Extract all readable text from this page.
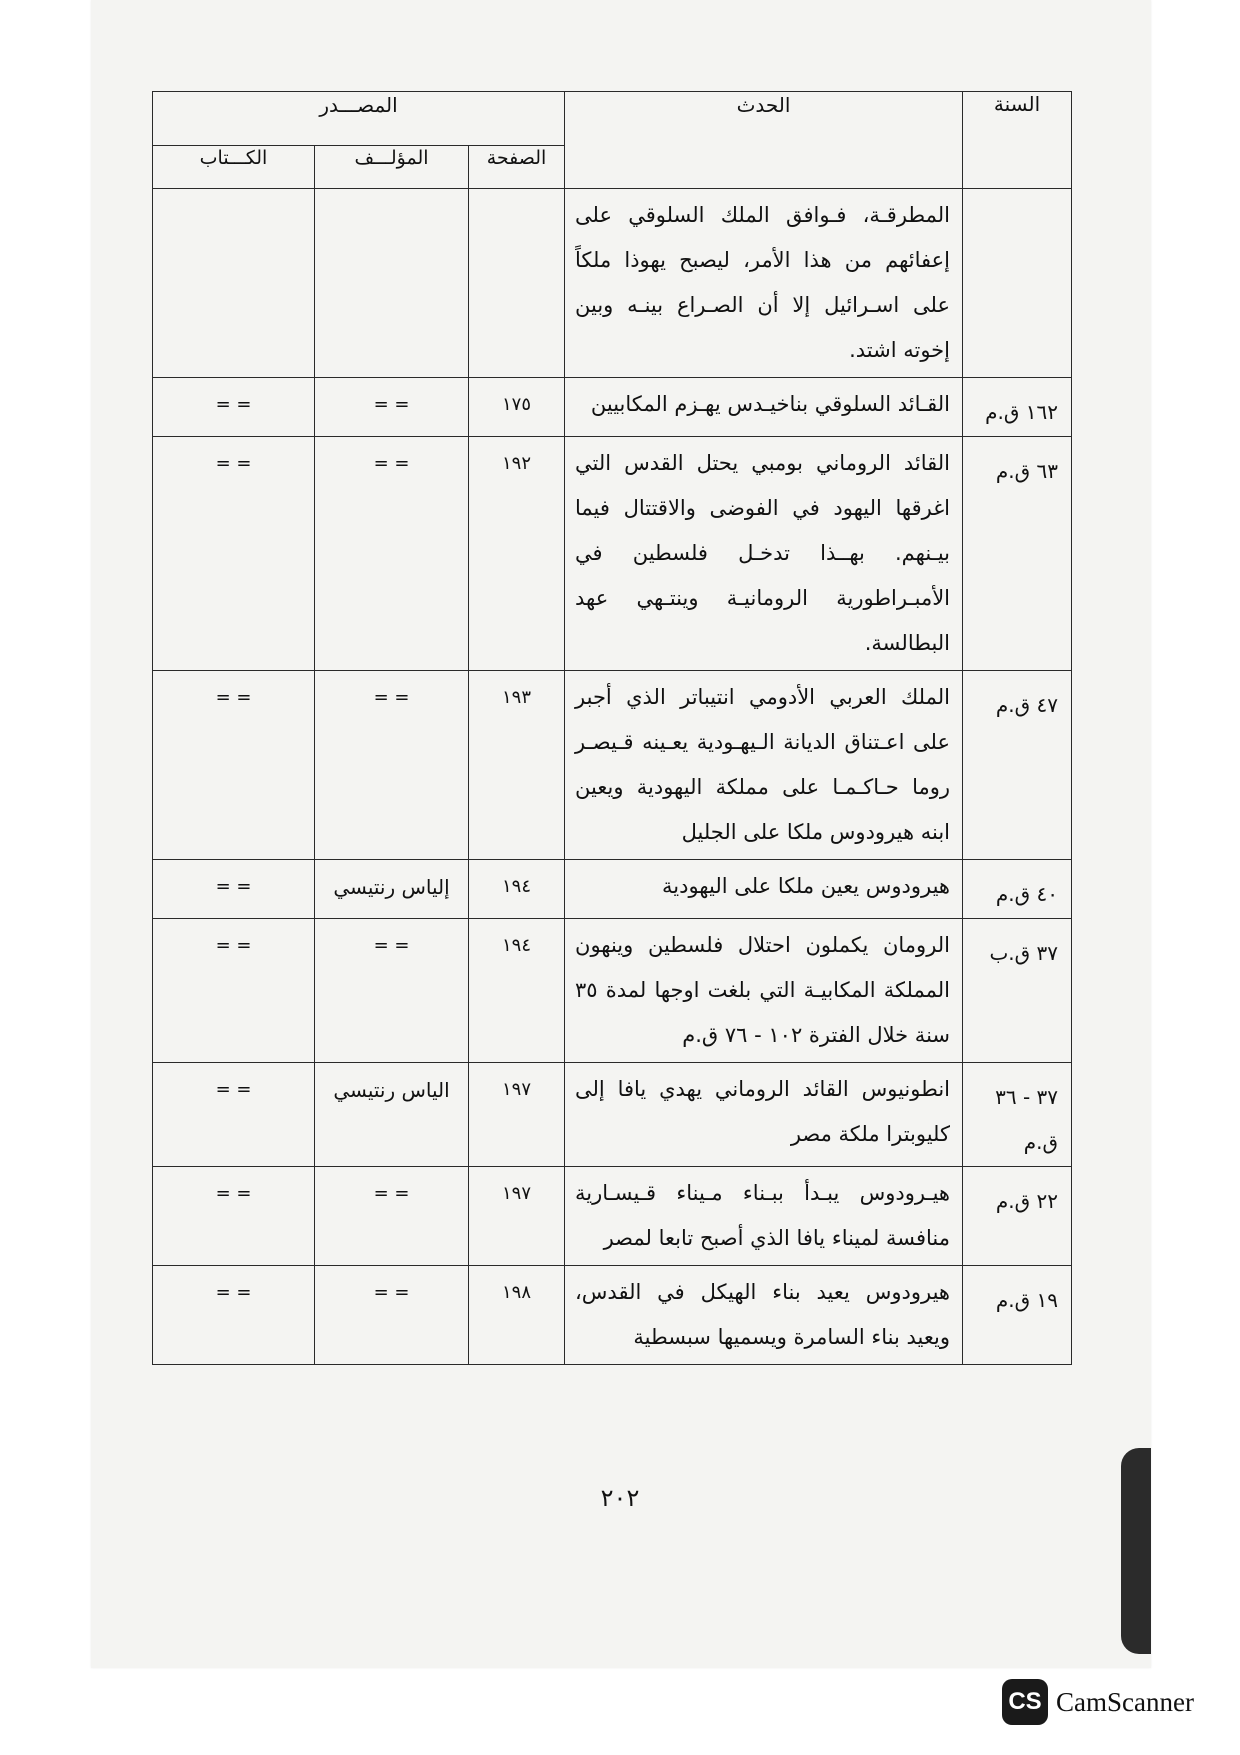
السنة	الحدث	المصـــدر		
		الصفحة	المؤلـــف	الكـــتاب

	المطرقـة، فـوافق الملك السلوقي على إعفائهم من هذا الأمر، ليصبح يهوذا ملكاً على اسـرائيل إلا أن الصـراع بينـه وبين إخوته اشتد.			

١٦٢ ق.م	القـائد السلوقي بناخيـدس يهـزم المكابيين	١٧٥	= =	= =

٦٣ ق.م	القائد الروماني بومبي يحتل القدس التي اغرقها اليهود في الفوضى والاقتتال فيما بيـنهم. بهــذا تدخـل فلسطين في الأمبـراطورية الرومانيـة وينتـهي عهد البطالسة.	١٩٢	= =	= =

٤٧ ق.م	الملك العربي الأدومي انتيباتر الذي أجبر على اعـتناق الديانة الـيهـودية يعـينه قـيصـر روما حـاكـمـا على مملكة اليهودية ويعين ابنه هيرودوس ملكا على الجليل	١٩٣	= =	= =

٤٠ ق.م	هيرودوس يعين ملكا على اليهودية	١٩٤	إلياس رنتيسي	= =

٣٧ ق.ب	الرومان يكملون احتلال فلسطين وينهون المملكة المكابيـة التي بلغت اوجها لمدة ٣٥ سنة خلال الفترة ١٠٢ - ٧٦ ق.م	١٩٤	= =	= =

٣٧ - ٣٦
ق.م	انطونيوس القائد الروماني يهدي يافا إلى كليوبترا ملكة مصر	١٩٧	الياس رنتيسي	= =

٢٢ ق.م	هيـرودوس يبـدأ ببـناء مـيناء قـيسـارية منافسة لميناء يافا الذي أصبح تابعا لمصر	١٩٧	= =	= =

١٩ ق.م	هيرودوس يعيد بناء الهيكل في القدس، ويعيد بناء السامرة ويسميها سبسطية	١٩٨	= =	= =
٢٠٢
CS CamScanner
